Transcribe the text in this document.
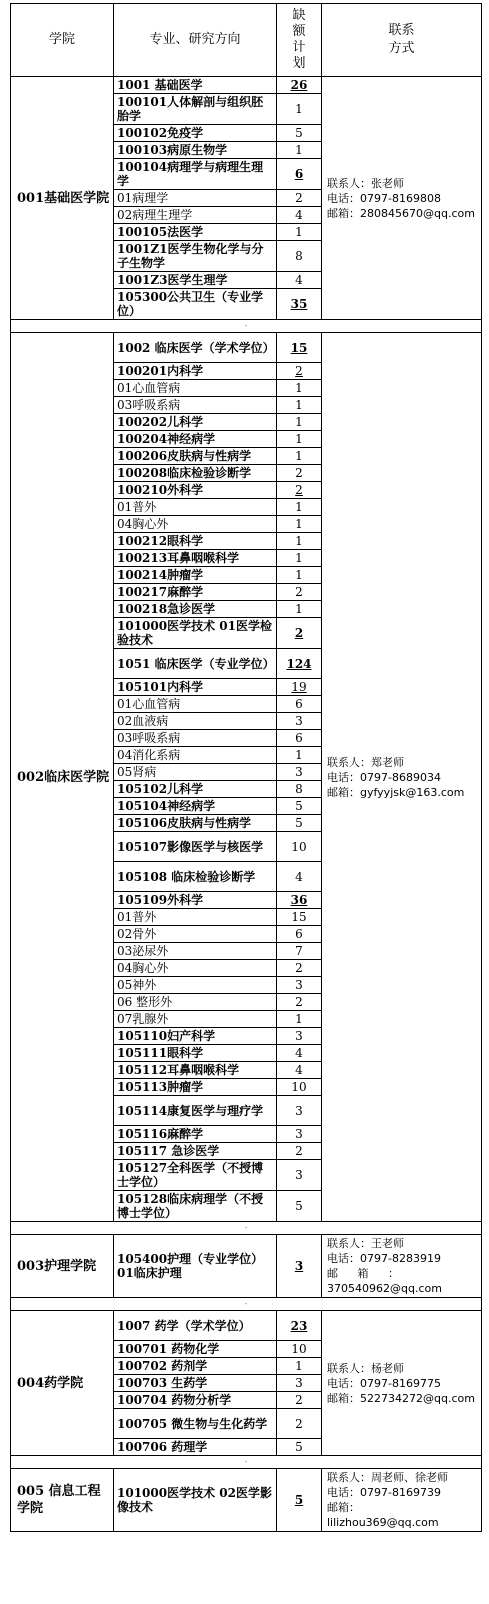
学院	专业、研究方向	缺
额
计
划	联系
方式

001基础医学院	1001 基础医学	26	联系人：张老师
电话：0797-8169808
邮箱：280845670@qq.com

	100101人体解剖与组织胚胎学	1	
	100102免疫学	5	
	100103病原生物学	1	
	100104病理学与病理生理学	6	
	01病理学	2	
	02病理生理学	4	
	100105法医学	1	
	1001Z1医学生物化学与分子生物学	8	
	1001Z3医学生理学	4	
	105300公共卫生（专业学位）	35	
-			
002临床医学院	1002 临床医学（学术学位）	15	联系人：郑老师
电话：0797-8689034
邮箱：gyfyyjsk@163.com

	100201内科学	2	
	01心血管病	1	
	03呼吸系病	1	
	100202儿科学	1	
	100204神经病学	1	
	100206皮肤病与性病学	1	
	100208临床检验诊断学	2	
	100210外科学	2	
	01普外	1	
	04胸心外	1	
	100212眼科学	1	
	100213耳鼻咽喉科学	1	
	100214肿瘤学	1	
	100217麻醉学	2	
	100218急诊医学	1	
	101000医学技术 01医学检验技术	2	
	1051 临床医学（专业学位）	124	
	105101内科学	19	
	01心血管病	6	
	02血液病	3	
	03呼吸系病	6	
	04消化系病	1	
	05肾病	3	
	105102儿科学	8	
	105104神经病学	5	
	105106皮肤病与性病学	5	
	105107影像医学与核医学	10	
	105108 临床检验诊断学	4	
	105109外科学	36	
	01普外	15	
	02骨外	6	
	03泌尿外	7	
	04胸心外	2	
	05神外	3	
	06 整形外	2	
	07乳腺外	1	
	105110妇产科学	3	
	105111眼科学	4	
	105112耳鼻咽喉科学	4	
	105113肿瘤学	10	
	105114康复医学与理疗学	3	
	105116麻醉学	3	
	105117 急诊医学	2	
	105127全科医学（不授博士学位）	3	
	105128临床病理学（不授博士学位）	5	
-			
003护理学院	105400护理（专业学位） 01临床护理	3	联系人：王老师
电话：0797-8283919
邮 箱 ：
370540962@qq.com

-			
004药学院	1007 药学（学术学位）	23	联系人：杨老师
电话：0797-8169775
邮箱：5227342​72@qq.com

	100701 药物化学	10	
	100702 药剂学	1	
	100703 生药学	3	
	100704 药物分析学	2	
	100705 微生物与生化药学	2	
	100706 药理学	5	
-			
005 信息工程学院	101000医学技术 02医学影像技术	5	联系人：周老师、徐老师
电话：0797-8169739
邮箱：
lilizhou369@qq.com
